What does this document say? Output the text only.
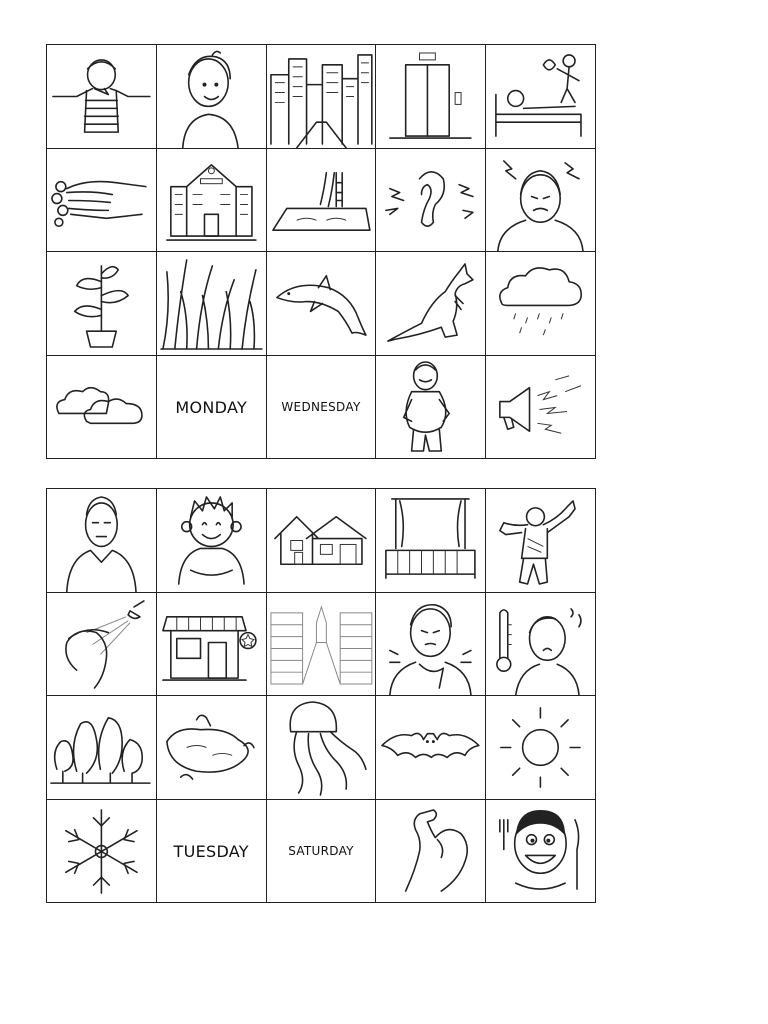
MONDAY	WEDNESDAY
TUESDAY	SATURDAY
